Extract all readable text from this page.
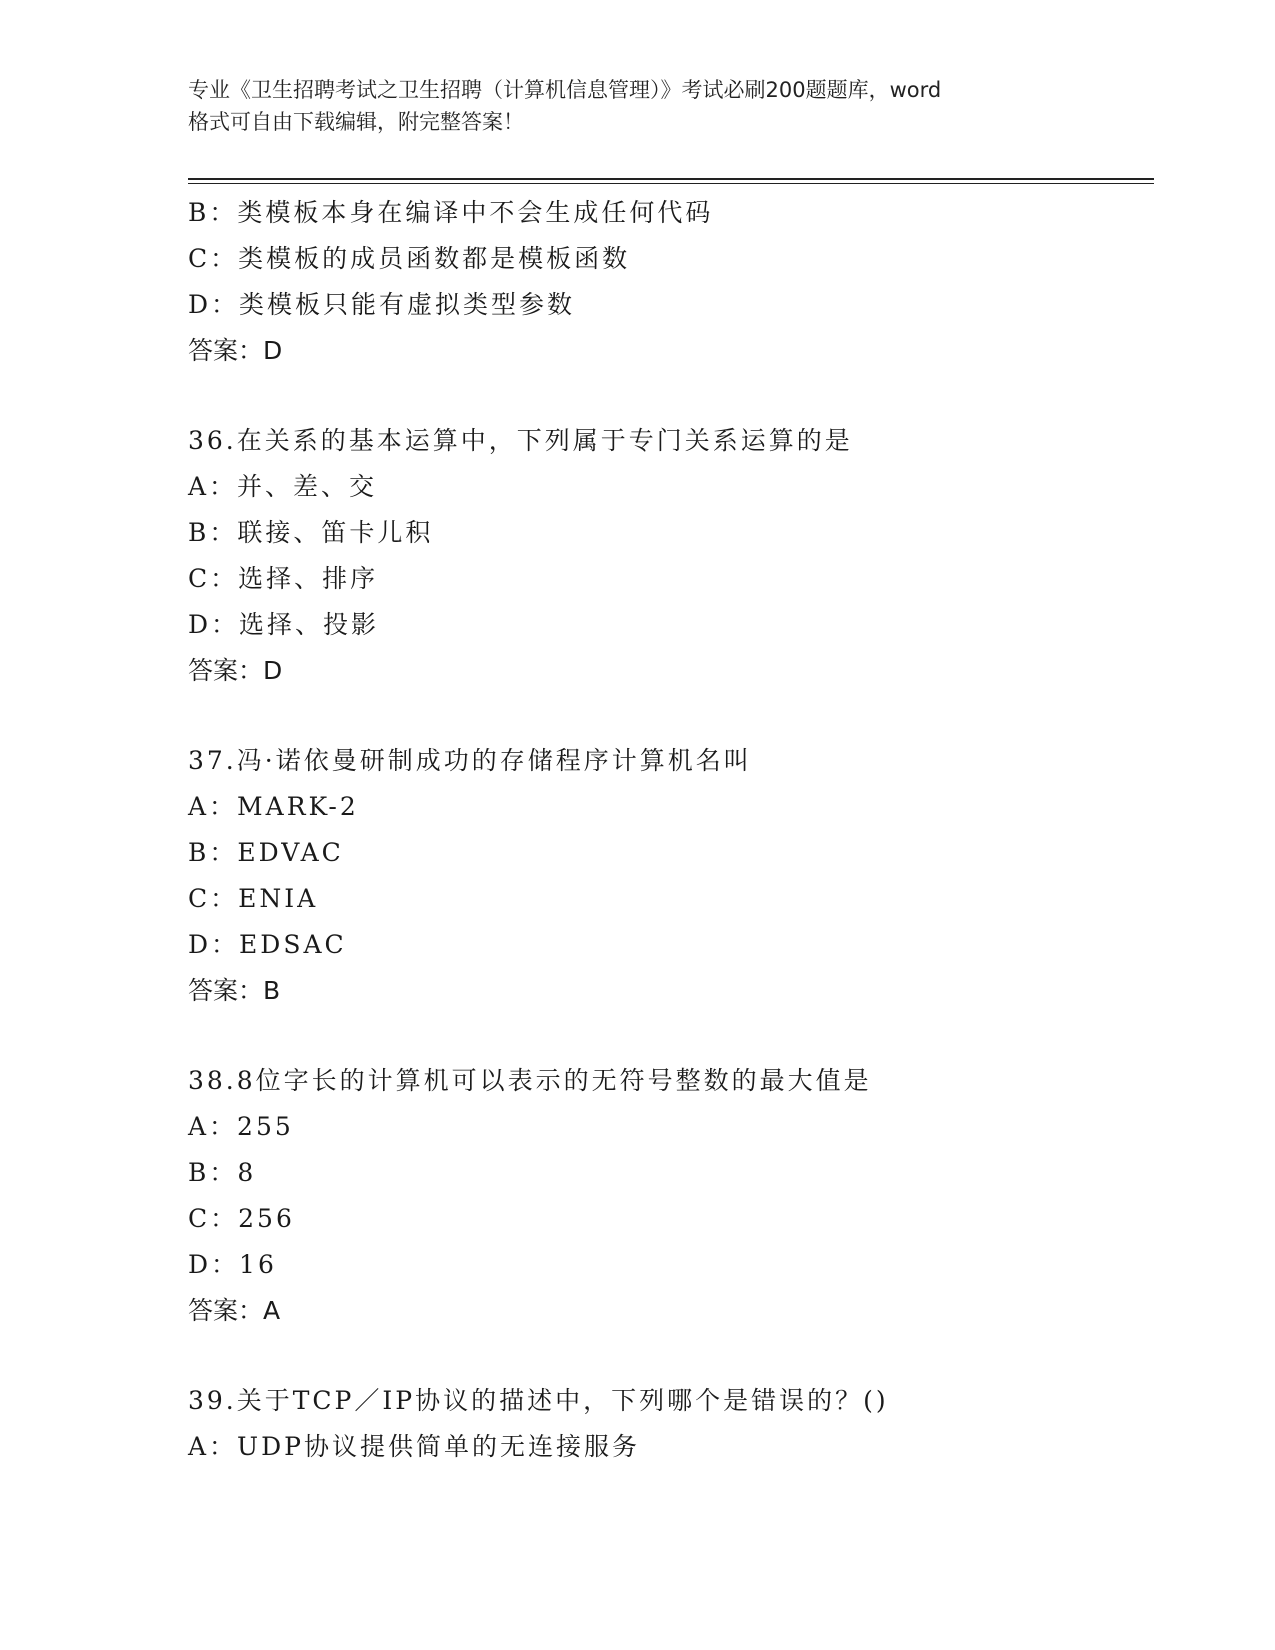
专业《卫生招聘考试之卫生招聘（计算机信息管理）》考试必刷200题题库，word
格式可自由下载编辑，附完整答案！
B：类模板本身在编译中不会生成任何代码
C：类模板的成员函数都是模板函数
D：类模板只能有虚拟类型参数
答案：D
36.在关系的基本运算中，下列属于专门关系运算的是
A：并、差、交
B：联接、笛卡儿积
C：选择、排序
D：选择、投影
答案：D
37.冯·诺依曼研制成功的存储程序计算机名叫
A：MARK-2
B：EDVAC
C：ENIA
D：EDSAC
答案：B
38.8位字长的计算机可以表示的无符号整数的最大值是
A：255
B：8
C：256
D：16
答案：A
39.关于TCP／IP协议的描述中，下列哪个是错误的？()
A：UDP协议提供简单的无连接服务
